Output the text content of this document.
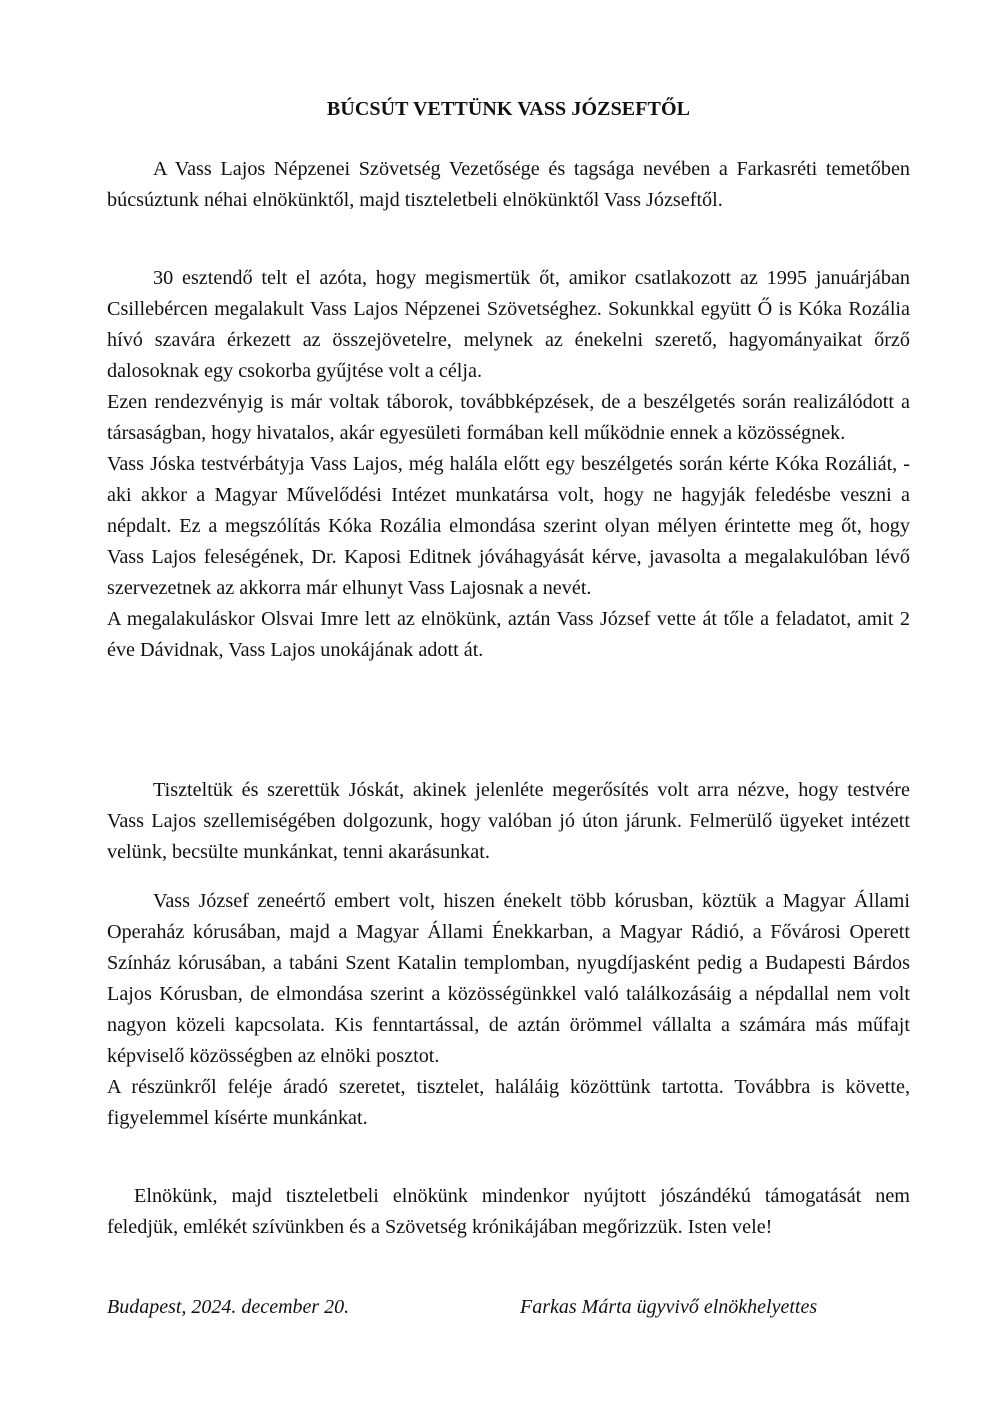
BÚCSÚT VETTÜNK VASS JÓZSEFTŐL

A Vass Lajos Népzenei Szövetség Vezetősége és tagsága nevében a Farkasréti temetőben búcsúztunk néhai elnökünktől, majd tiszteletbeli elnökünktől Vass Józseftől.

30 esztendő telt el azóta, hogy megismertük őt, amikor csatlakozott az 1995 januárjában Csillebércen megalakult Vass Lajos Népzenei Szövetséghez. Sokunkkal együtt Ő is Kóka Rozália hívó szavára érkezett az összejövetelre, melynek az énekelni szerető, hagyományaikat őrző dalosoknak egy csokorba gyűjtése volt a célja.

Ezen rendezvényig is már voltak táborok, továbbképzések, de a beszélgetés során realizálódott a társaságban, hogy hivatalos, akár egyesületi formában kell működnie ennek a közösségnek.

Vass Jóska testvérbátyja Vass Lajos, még halála előtt egy beszélgetés során kérte Kóka Rozáliát, -aki akkor a Magyar Művelődési Intézet munkatársa volt, hogy ne hagyják feledésbe veszni a népdalt. Ez a megszólítás Kóka Rozália elmondása szerint olyan mélyen érintette meg őt, hogy Vass Lajos feleségének, Dr. Kaposi Editnek jóváhagyását kérve, javasolta a megalakulóban lévő szervezetnek az akkorra már elhunyt Vass Lajosnak a nevét.

A megalakuláskor Olsvai Imre lett az elnökünk, aztán Vass József vette át tőle a feladatot, amit 2 éve Dávidnak, Vass Lajos unokájának adott át.

Tiszteltük és szerettük Jóskát, akinek jelenléte megerősítés volt arra nézve, hogy testvére Vass Lajos szellemiségében dolgozunk, hogy valóban jó úton járunk. Felmerülő ügyeket intézett velünk, becsülte munkánkat, tenni akarásunkat.

Vass József zeneértő embert volt, hiszen énekelt több kórusban, köztük a Magyar Állami Operaház kórusában, majd a Magyar Állami Énekkarban, a Magyar Rádió, a Fővárosi Operett Színház kórusában, a tabáni Szent Katalin templomban, nyugdíjasként pedig a Budapesti Bárdos Lajos Kórusban, de elmondása szerint a közösségünkkel való találkozásáig a népdallal nem volt nagyon közeli kapcsolata. Kis fenntartással, de aztán örömmel vállalta a számára más műfajt képviselő közösségben az elnöki posztot.

A részünkről feléje áradó szeretet, tisztelet, haláláig közöttünk tartotta. Továbbra is követte, figyelemmel kísérte munkánkat.

Elnökünk, majd tiszteletbeli elnökünk mindenkor nyújtott jószándékú támogatását nem feledjük, emlékét szívünkben és a Szövetség krónikájában megőrizzük. Isten vele!

Budapest, 2024. december 20.	Farkas Márta ügyvivő elnökhelyettes
